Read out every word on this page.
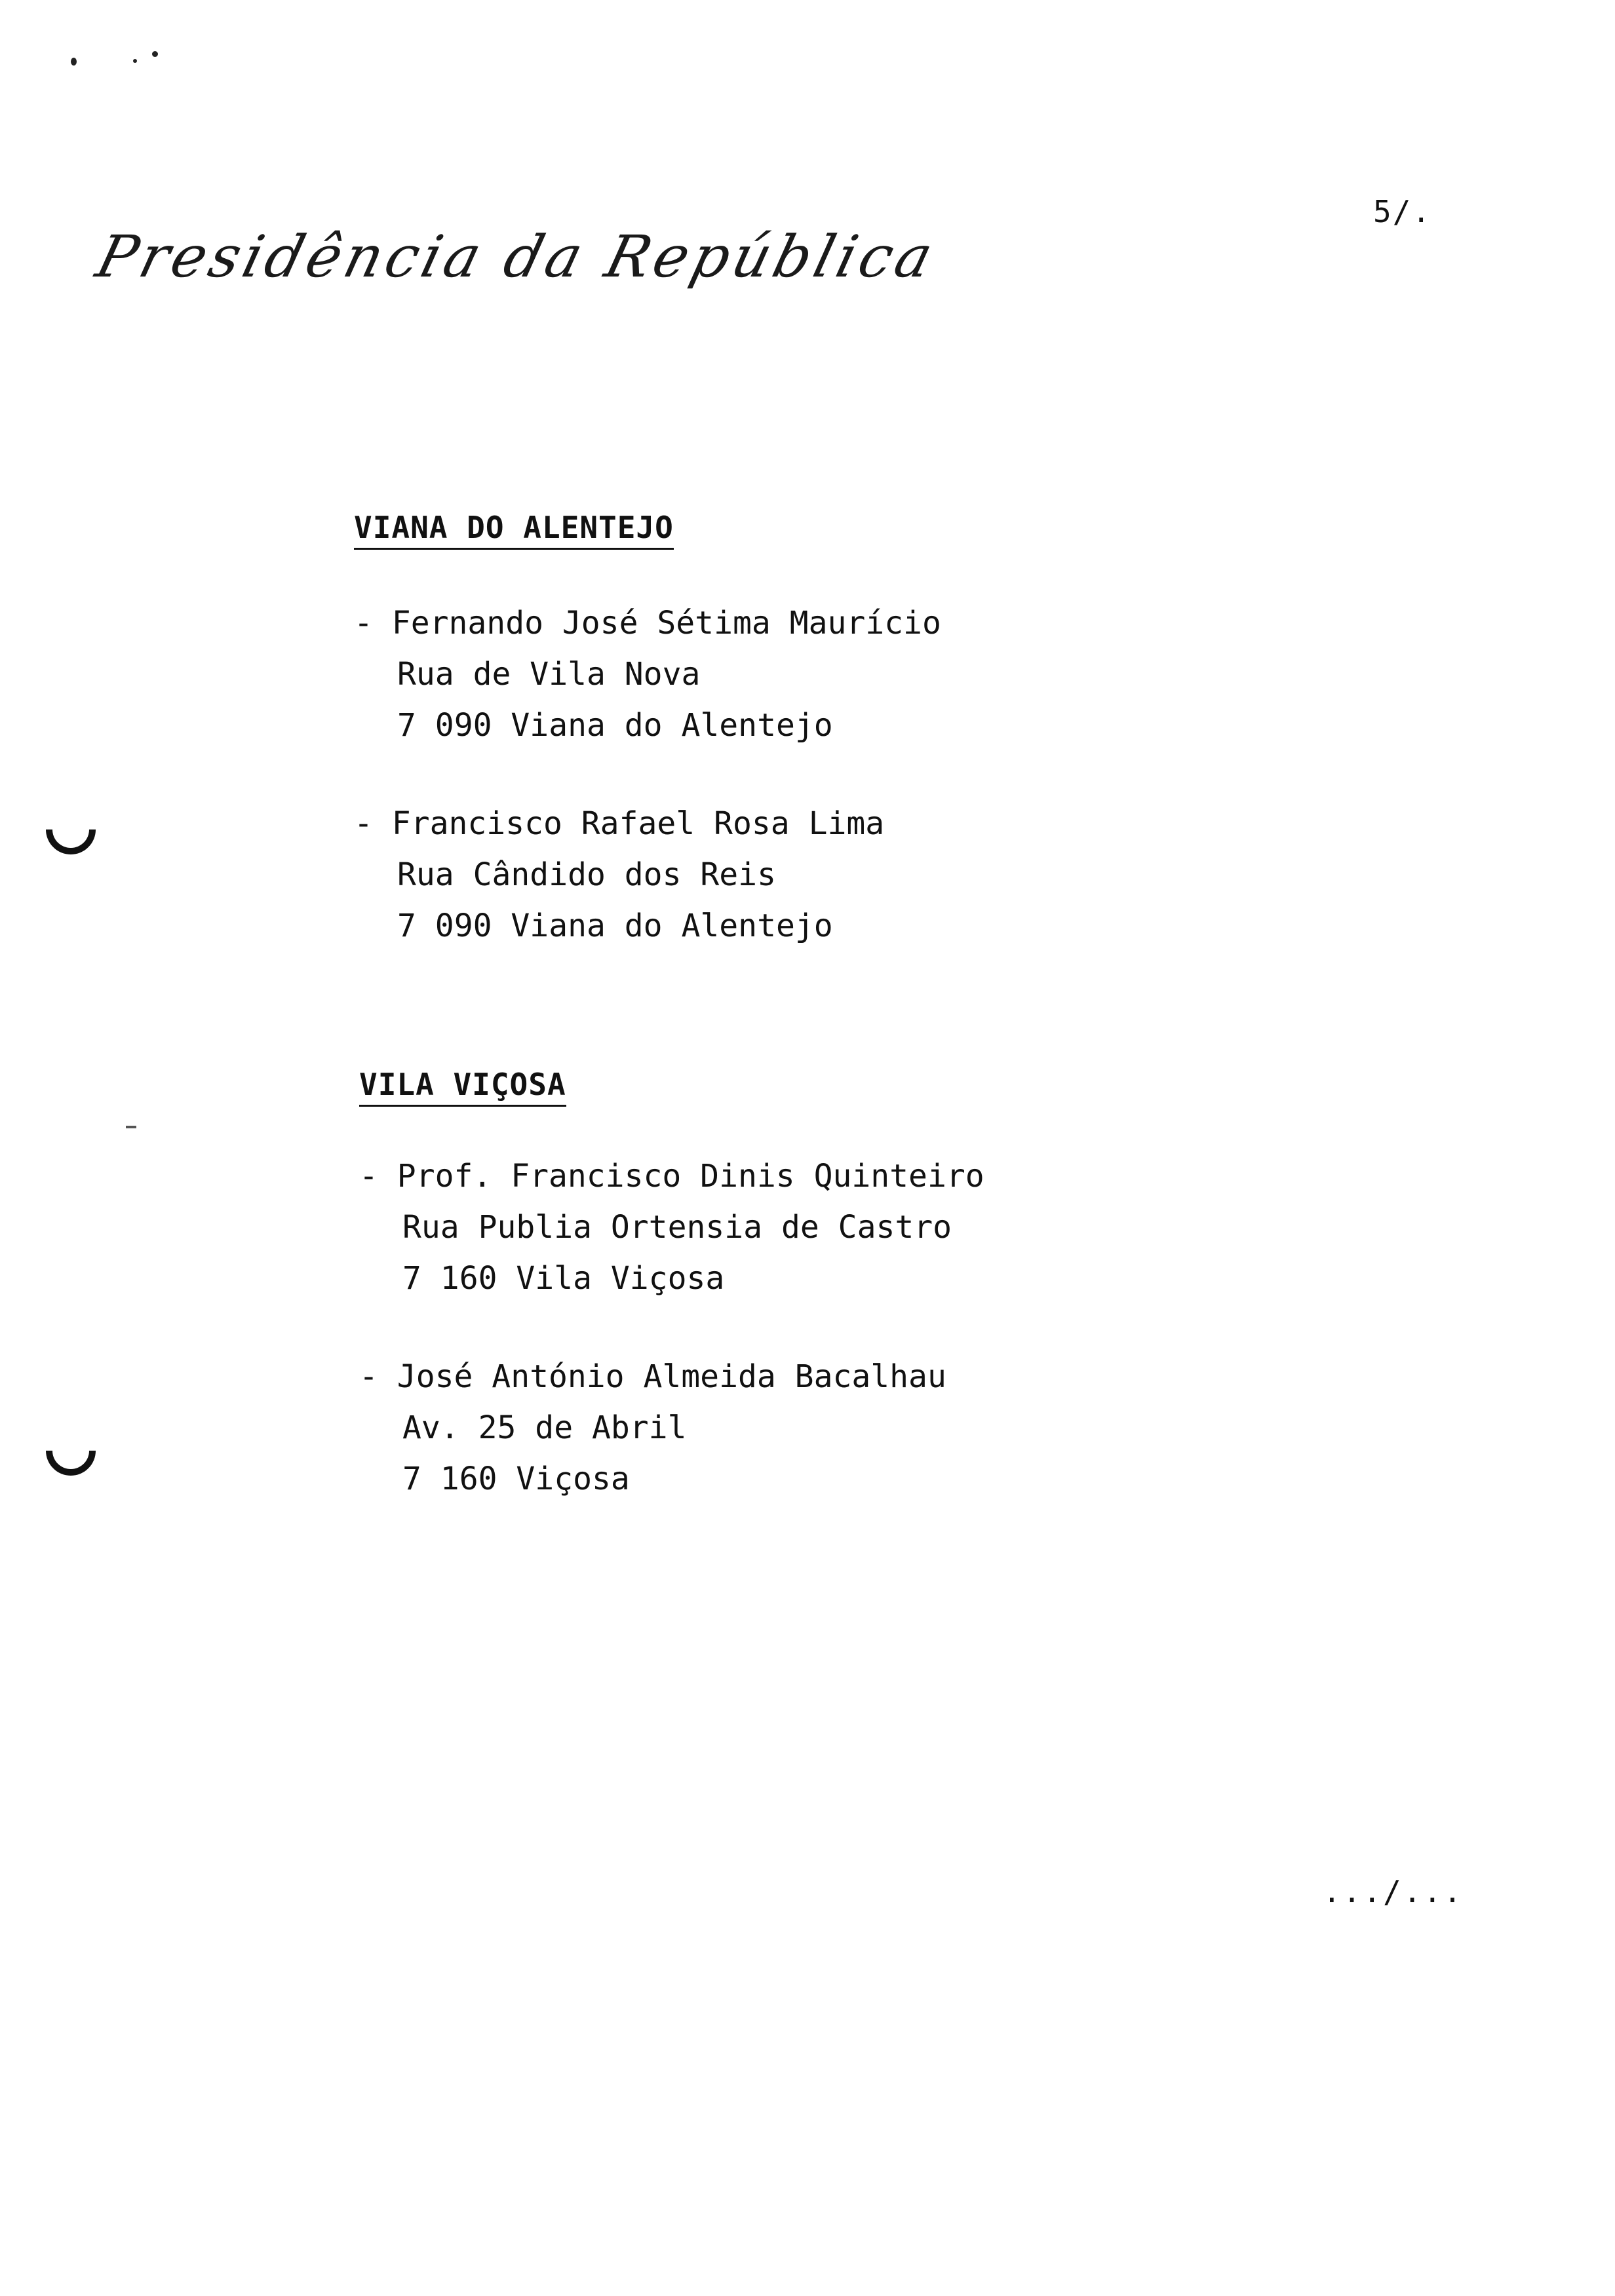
Presidência da República
5/.
VIANA DO ALENTEJO
- Fernando José Sétima Maurício
Rua de Vila Nova
7 090 Viana do Alentejo
- Francisco Rafael Rosa Lima
Rua Cândido dos Reis
7 090 Viana do Alentejo
VILA VIÇOSA
- Prof. Francisco Dinis Quinteiro
Rua Publia Ortensia de Castro
7 160 Vila Viçosa
- José António Almeida Bacalhau
Av. 25 de Abril
7 160 Viçosa
.../...
